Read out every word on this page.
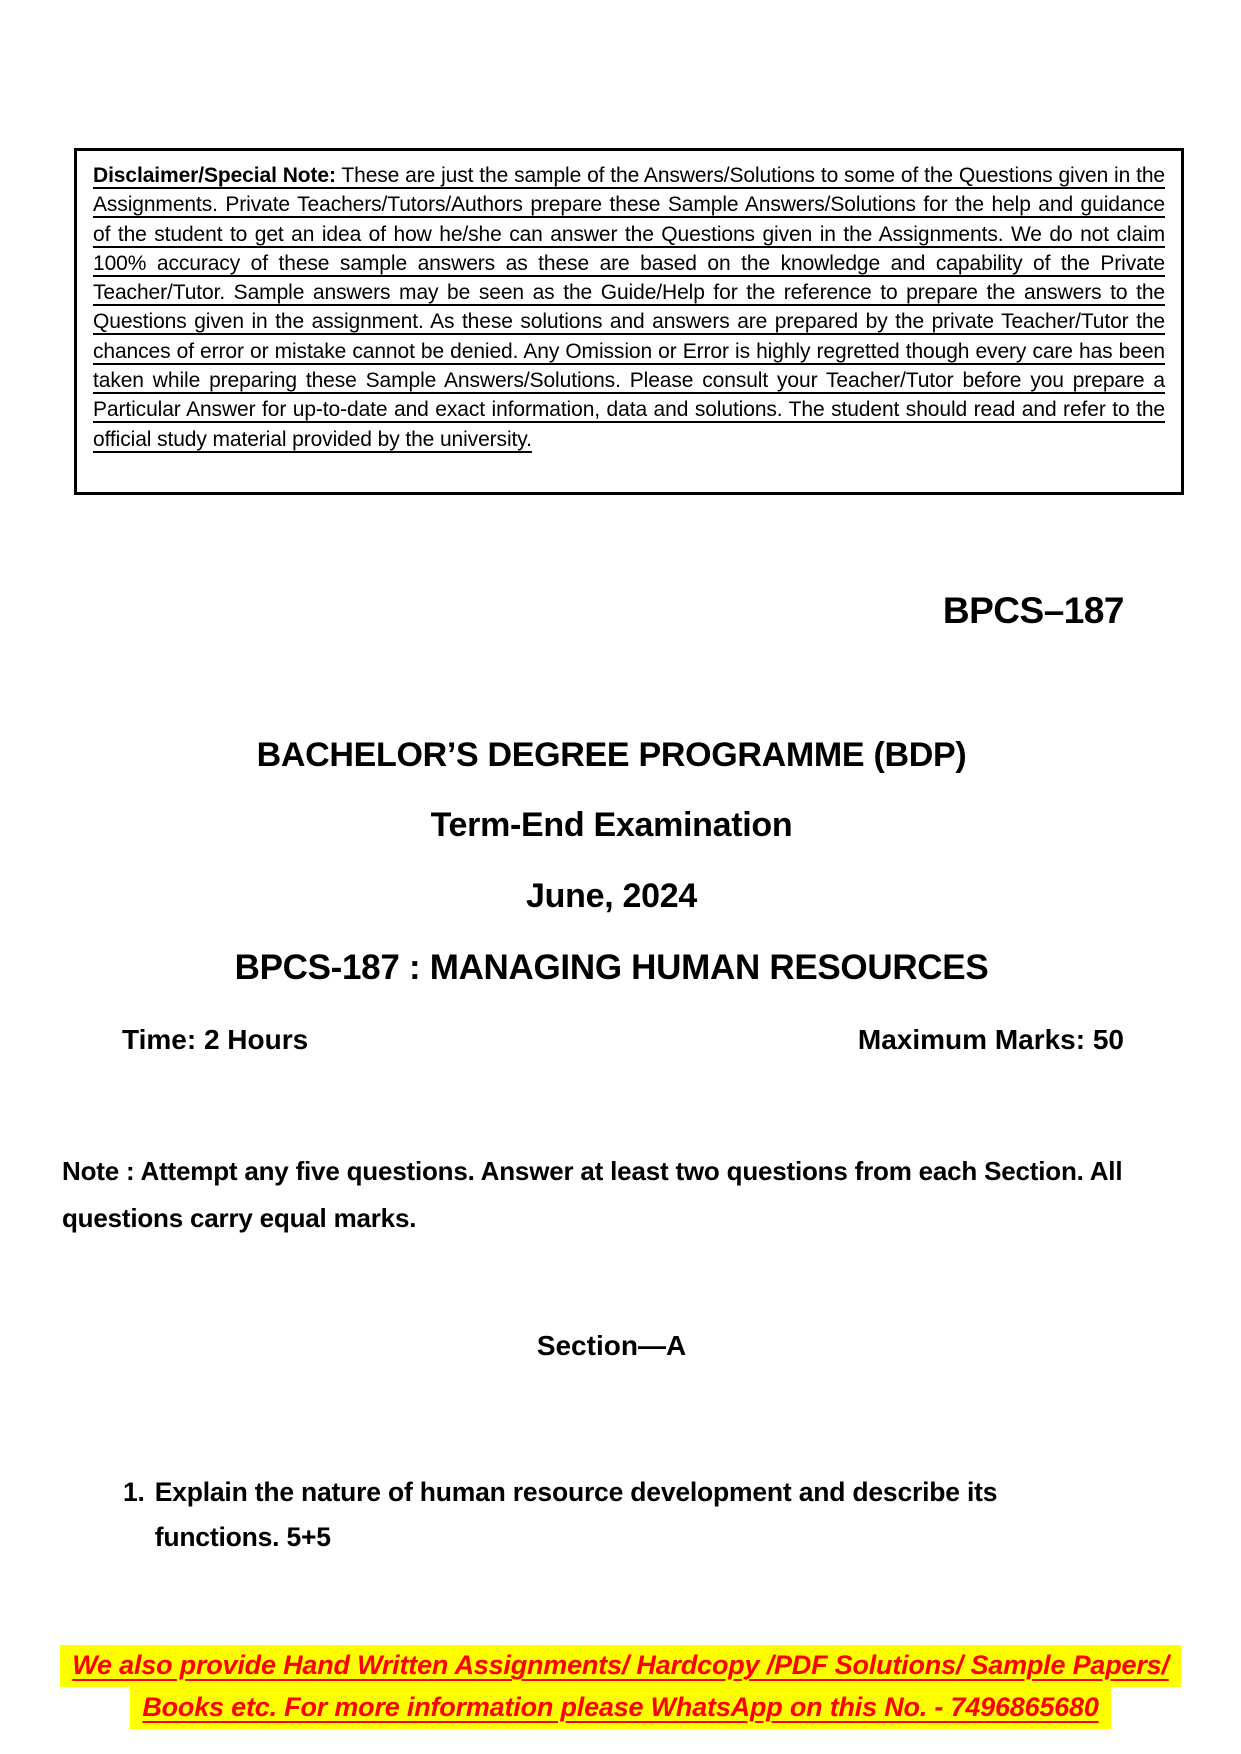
Disclaimer/Special Note: These are just the sample of the Answers/Solutions to some of the Questions given in the Assignments. Private Teachers/Tutors/Authors prepare these Sample Answers/Solutions for the help and guidance of the student to get an idea of how he/she can answer the Questions given in the Assignments. We do not claim 100% accuracy of these sample answers as these are based on the knowledge and capability of the Private Teacher/Tutor. Sample answers may be seen as the Guide/Help for the reference to prepare the answers to the Questions given in the assignment. As these solutions and answers are prepared by the private Teacher/Tutor the chances of error or mistake cannot be denied. Any Omission or Error is highly regretted though every care has been taken while preparing these Sample Answers/Solutions. Please consult your Teacher/Tutor before you prepare a Particular Answer for up-to-date and exact information, data and solutions. The student should read and refer to the official study material provided by the university.

BPCS–187
BACHELOR’S DEGREE PROGRAMME (BDP)
Term-End Examination
June, 2024
BPCS-187 : MANAGING HUMAN RESOURCES
Time: 2 Hours	Maximum Marks: 50

Note : Attempt any five questions. Answer at least two questions from each Section. All questions carry equal marks.

Section—A
1. Explain the nature of human resource development and describe its functions. 5+5
We also provide Hand Written Assignments/ Hardcopy /PDF Solutions/ Sample Papers/
Books etc. For more information please WhatsApp on this No. - 7496865680
